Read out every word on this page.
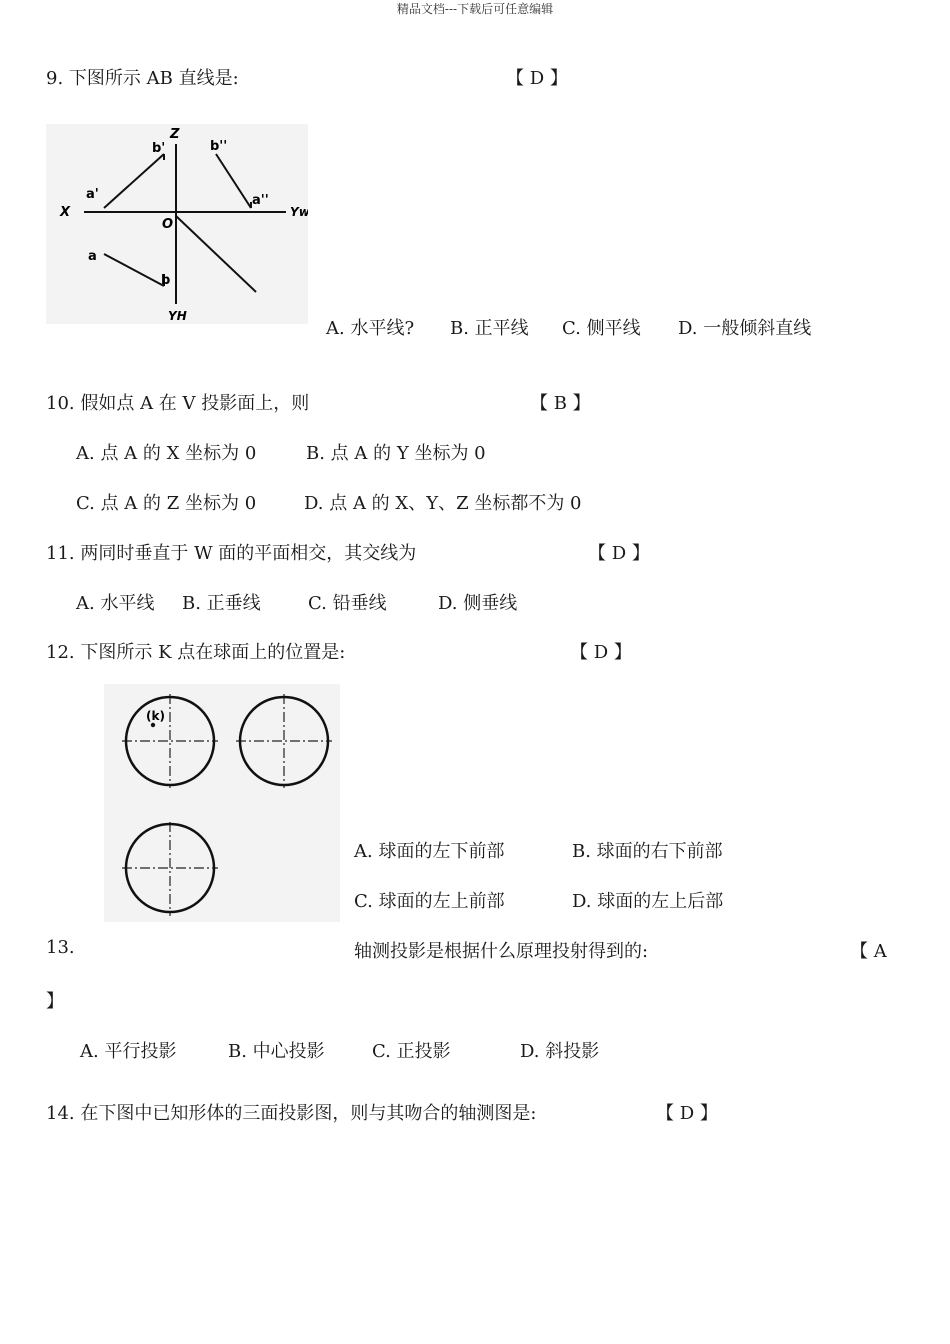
精品文档---下载后可任意编辑
9. 下图所示 AB 直线是:	【 D 】
Z
X	Yw
YH
O
b'	b''
a'	a''
a
b
A. 水平线? B. 正平线 C. 侧平线 D. 一般倾斜直线
10. 假如点 A 在 V 投影面上，则	【 B 】
A. 点 A 的 X 坐标为 0	B. 点 A 的 Y 坐标为 0
C. 点 A 的 Z 坐标为 0	D. 点 A 的 X、Y、Z 坐标都不为 0
11. 两同时垂直于 W 面的平面相交，其交线为	【 D 】
A. 水平线 B. 正垂线	C. 铅垂线	D. 侧垂线
12. 下图所示 K 点在球面上的位置是:	【 D 】
(k)
A. 球面的左下前部	B. 球面的右下前部
C. 球面的左上前部	D. 球面的左上后部
13.	轴测投影是根据什么原理投射得到的:	【 A
】
A. 平行投影	B. 中心投影	C. 正投影	D. 斜投影
14. 在下图中已知形体的三面投影图，则与其吻合的轴测图是:	【 D 】
